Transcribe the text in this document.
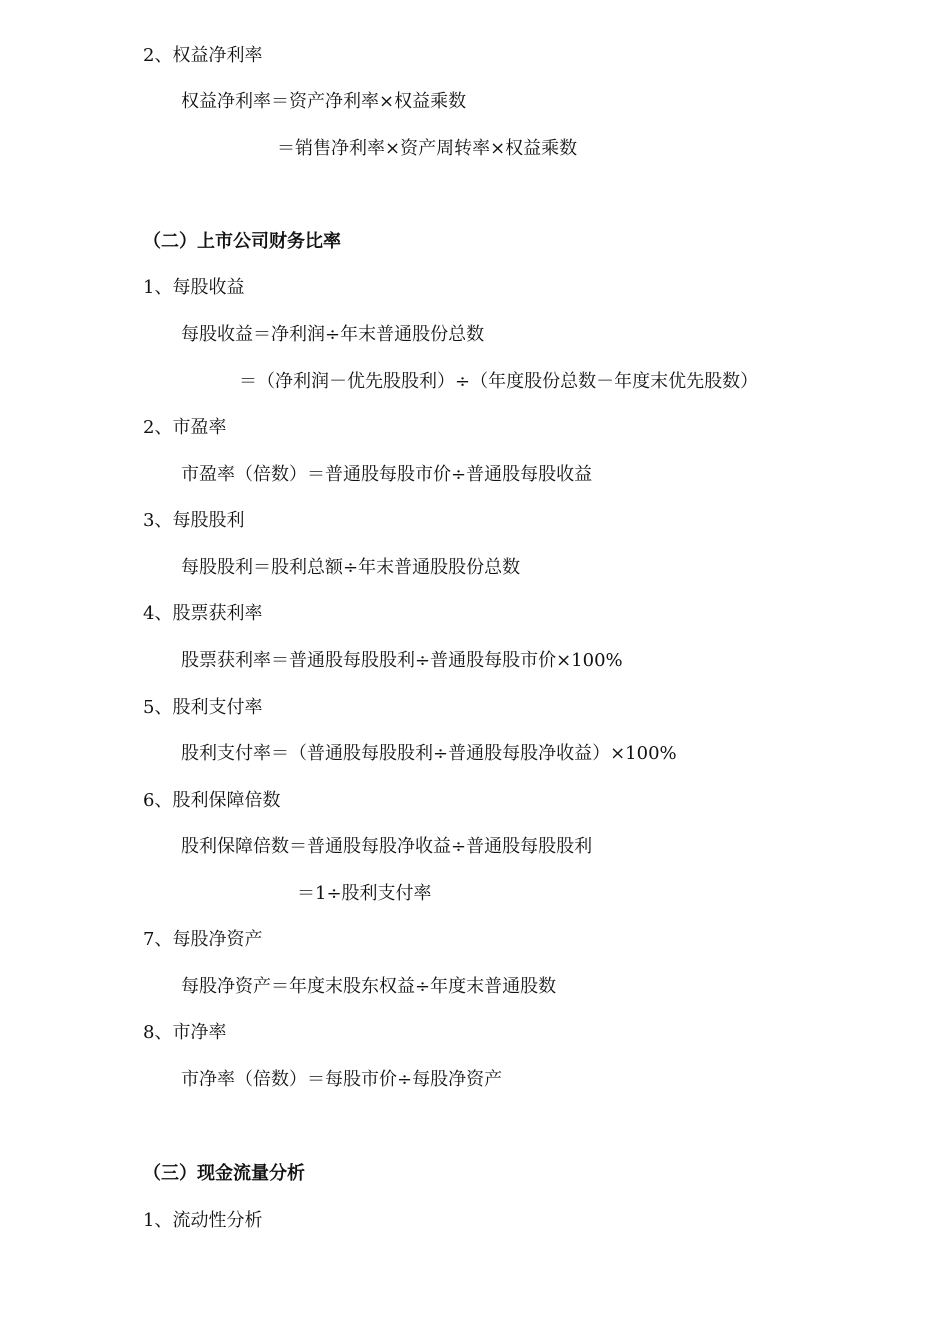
2、权益净利率
权益净利率＝资产净利率×权益乘数
＝销售净利率×资产周转率×权益乘数
（二）上市公司财务比率
1、每股收益
每股收益＝净利润÷年末普通股份总数
＝（净利润－优先股股利）÷（年度股份总数－年度末优先股数）
2、市盈率
市盈率（倍数）＝普通股每股市价÷普通股每股收益
3、每股股利
每股股利＝股利总额÷年末普通股股份总数
4、股票获利率
股票获利率＝普通股每股股利÷普通股每股市价×100%
5、股利支付率
股利支付率＝（普通股每股股利÷普通股每股净收益）×100%
6、股利保障倍数
股利保障倍数＝普通股每股净收益÷普通股每股股利
＝1÷股利支付率
7、每股净资产
每股净资产＝年度末股东权益÷年度末普通股数
8、市净率
市净率（倍数）＝每股市价÷每股净资产
（三）现金流量分析
1、流动性分析
